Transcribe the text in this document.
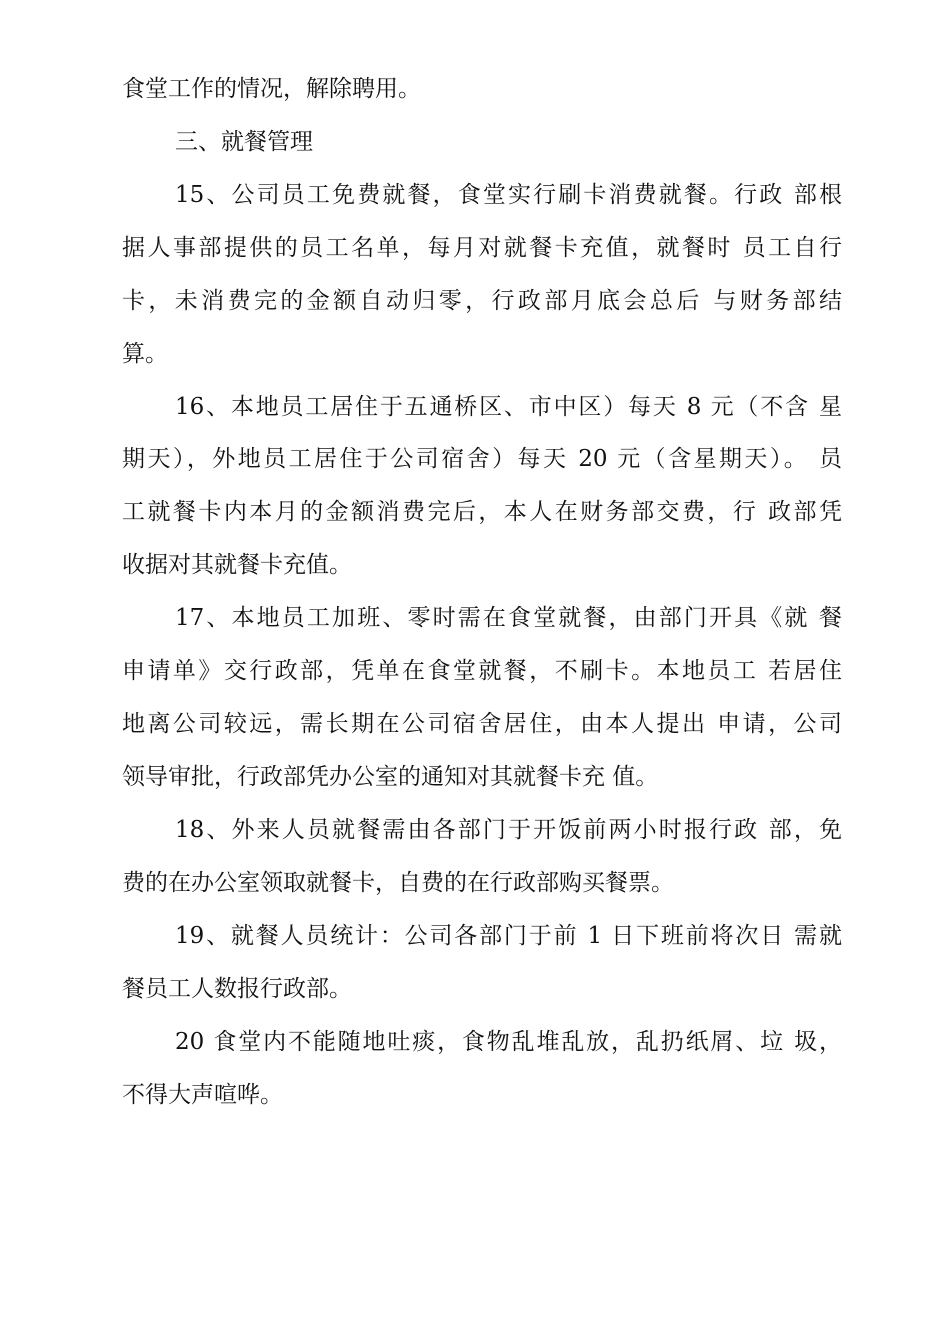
食堂工作的情况，解除聘用。
三、就餐管理
15、公司员工免费就餐，食堂实行刷卡消费就餐。行政 部根
据人事部提供的员工名单，每月对就餐卡充值，就餐时 员工自行
卡，未消费完的金额自动归零，行政部月底会总后 与财务部结
算。
16、本地员工居住于五通桥区、市中区）每天 8 元（不含 星
期天），外地员工居住于公司宿舍）每天 20 元（含星期天）。 员
工就餐卡内本月的金额消费完后，本人在财务部交费，行 政部凭
收据对其就餐卡充值。
17、本地员工加班、零时需在食堂就餐，由部门开具《就 餐
申请单》交行政部，凭单在食堂就餐，不刷卡。本地员工 若居住
地离公司较远，需长期在公司宿舍居住，由本人提出 申请，公司
领导审批，行政部凭办公室的通知对其就餐卡充 值。
18、外来人员就餐需由各部门于开饭前两小时报行政 部，免
费的在办公室领取就餐卡，自费的在行政部购买餐票。
19、就餐人员统计：公司各部门于前 1 日下班前将次日 需就
餐员工人数报行政部。
20 食堂内不能随地吐痰，食物乱堆乱放，乱扔纸屑、垃 圾，
不得大声喧哗。
